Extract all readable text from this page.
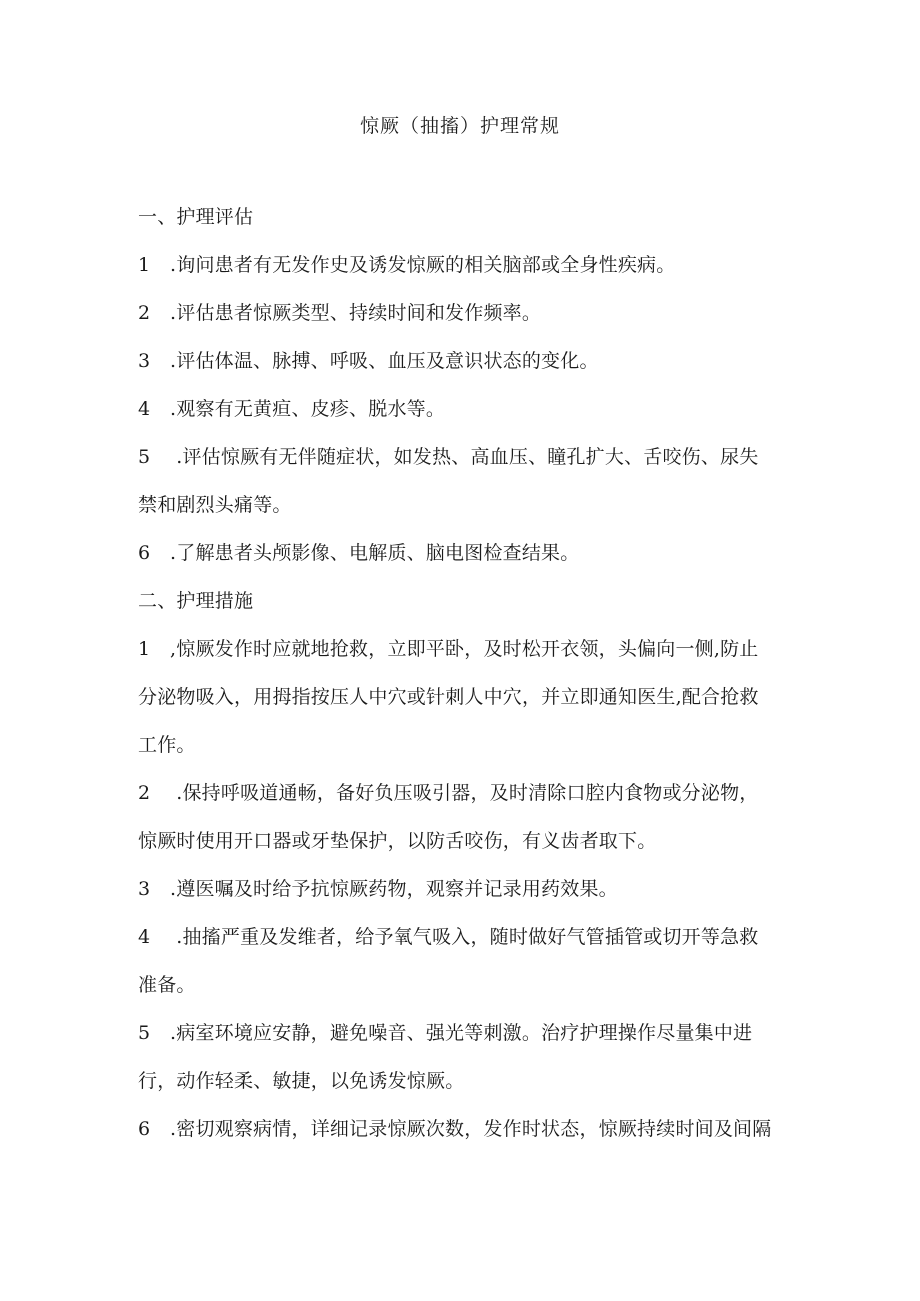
惊厥（抽搐）护理常规
一、护理评估
1 .询问患者有无发作史及诱发惊厥的相关脑部或全身性疾病。
2 .评估患者惊厥类型、持续时间和发作频率。
3 .评估体温、脉搏、呼吸、血压及意识状态的变化。
4 .观察有无黄疸、皮疹、脱水等。
5 .评估惊厥有无伴随症状，如发热、高血压、瞳孔扩大、舌咬伤、尿失
禁和剧烈头痛等。
6 .了解患者头颅影像、电解质、脑电图检查结果。
二、护理措施
1 ,惊厥发作时应就地抢救，立即平卧，及时松开衣领，头偏向一侧,防止
分泌物吸入，用拇指按压人中穴或针刺人中穴，并立即通知医生,配合抢救
工作。
2 .保持呼吸道通畅，备好负压吸引器，及时清除口腔内食物或分泌物，
惊厥时使用开口器或牙垫保护，以防舌咬伤，有义齿者取下。
3 .遵医嘱及时给予抗惊厥药物，观察并记录用药效果。
4 .抽搐严重及发维者，给予氧气吸入，随时做好气管插管或切开等急救
准备。
5 .病室环境应安静，避免噪音、强光等刺激。治疗护理操作尽量集中进
行，动作轻柔、敏捷，以免诱发惊厥。
6 .密切观察病情，详细记录惊厥次数，发作时状态，惊厥持续时间及间隔
